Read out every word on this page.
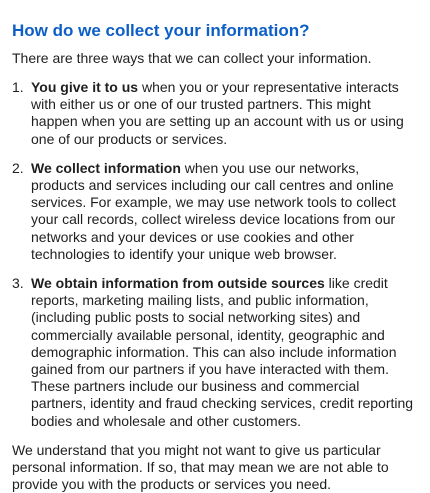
How do we collect your information?

There are three ways that we can collect your information.

1. You give it to us when you or your representative interacts with either us or one of our trusted partners. This might happen when you are setting up an account with us or using one of our products or services.
2. We collect information when you use our networks, products and services including our call centres and online services. For example, we may use network tools to collect your call records, collect wireless device locations from our networks and your devices or use cookies and other technologies to identify your unique web browser.
3. We obtain information from outside sources like credit reports, marketing mailing lists, and public information, (including public posts to social networking sites) and commercially available personal, identity, geographic and demographic information. This can also include information gained from our partners if you have interacted with them. These partners include our business and commercial partners, identity and fraud checking services, credit reporting bodies and wholesale and other customers.

We understand that you might not want to give us particular personal information. If so, that may mean we are not able to provide you with the products or services you need.
